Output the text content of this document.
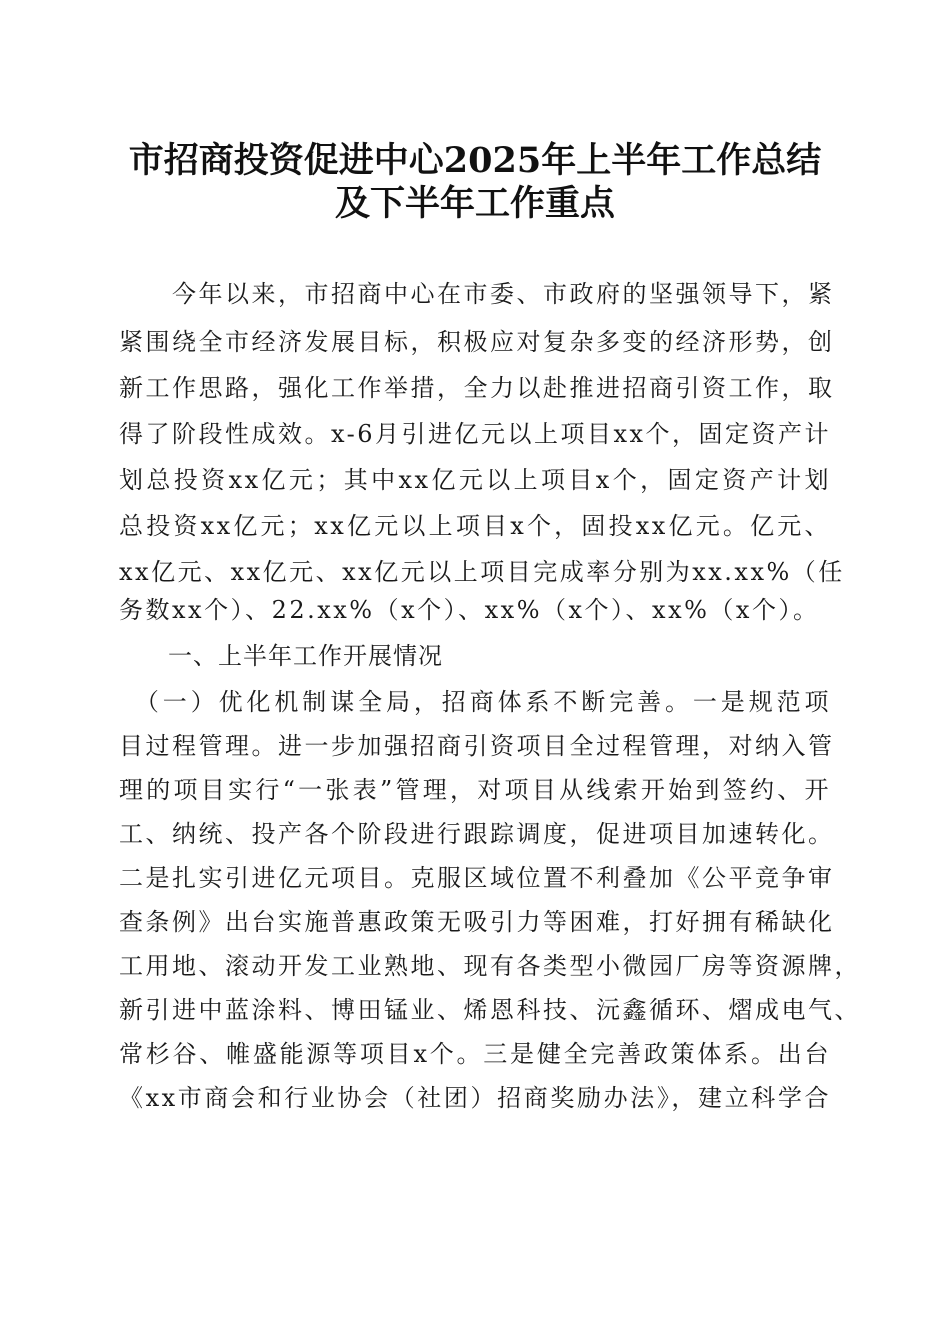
市招商投资促进中心2025年上半年工作总结
及下半年工作重点
　　今年以来，市招商中心在市委、市政府的坚强领导下，紧
紧围绕全市经济发展目标，积极应对复杂多变的经济形势，创
新工作思路，强化工作举措，全力以赴推进招商引资工作，取
得了阶段性成效。x-6月引进亿元以上项目xx个，固定资产计
划总投资xx亿元；其中xx亿元以上项目x个，固定资产计划
总投资xx亿元；xx亿元以上项目x个，固投xx亿元。亿元、
xx亿元、xx亿元、xx亿元以上项目完成率分别为xx.xx%（任
务数xx个）、22.xx%（x个）、xx%（x个）、xx%（x个）。
一、上半年工作开展情况
　（一）优化机制谋全局，招商体系不断完善。一是规范项
目过程管理。进一步加强招商引资项目全过程管理，对纳入管
理的项目实行“一张表”管理，对项目从线索开始到签约、开
工、纳统、投产各个阶段进行跟踪调度，促进项目加速转化。
二是扎实引进亿元项目。克服区域位置不利叠加《公平竞争审
查条例》出台实施普惠政策无吸引力等困难，打好拥有稀缺化
工用地、滚动开发工业熟地、现有各类型小微园厂房等资源牌，
新引进中蓝涂料、博田锰业、烯恩科技、沅鑫循环、熠成电气、
常杉谷、帷盛能源等项目x个。三是健全完善政策体系。出台
《xx市商会和行业协会（社团）招商奖励办法》，建立科学合
